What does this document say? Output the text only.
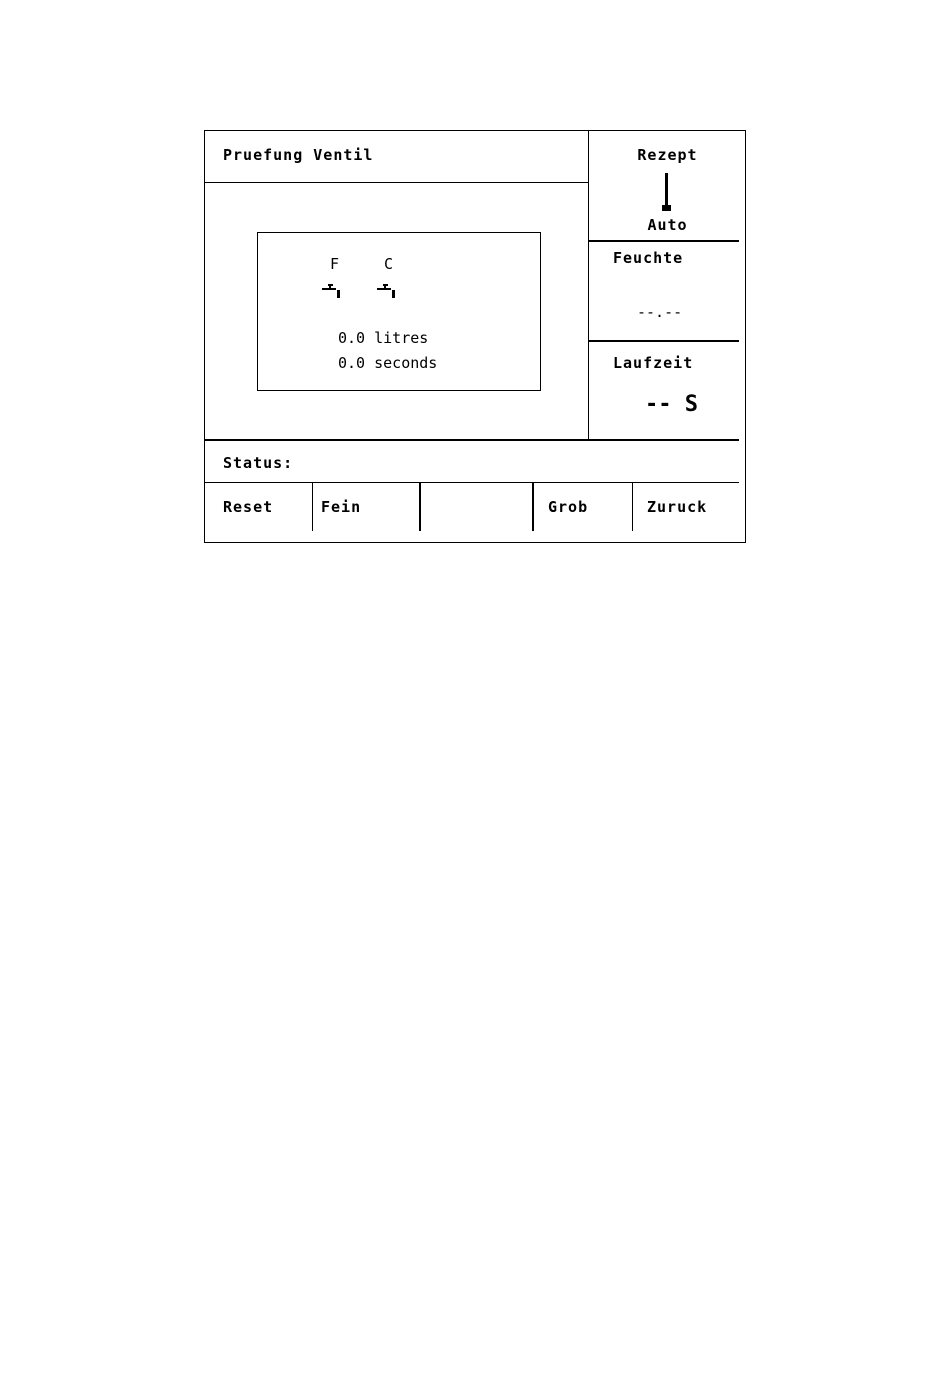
Pruefung Ventil	Rezept
Auto
Feuchte
--.--
Laufzeit
-- S
F	C
0.0 litres
0.0 seconds
Status:
Reset	Fein	Grob	Zuruck
